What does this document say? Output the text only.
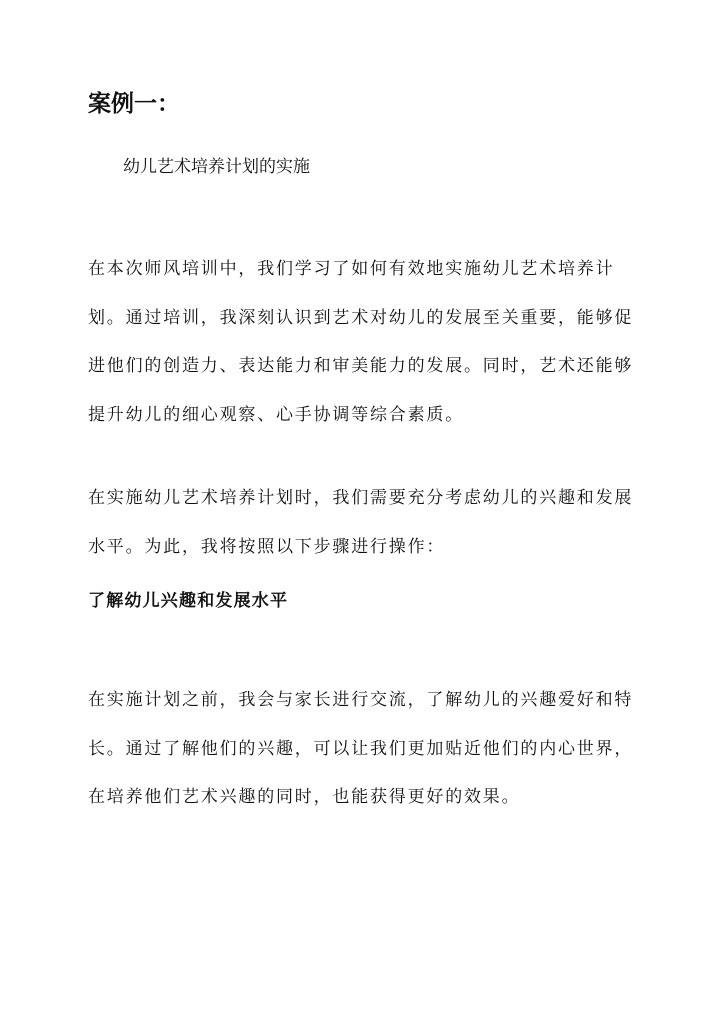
案例一：
幼儿艺术培养计划的实施

在本次师风培训中，我们学习了如何有效地实施幼儿艺术培养计划。通过培训，我深刻认识到艺术对幼儿的发展至关重要，能够促进他们的创造力、表达能力和审美能力的发展。同时，艺术还能够提升幼儿的细心观察、心手协调等综合素质。

在实施幼儿艺术培养计划时，我们需要充分考虑幼儿的兴趣和发展水平。为此，我将按照以下步骤进行操作：

了解幼儿兴趣和发展水平

在实施计划之前，我会与家长进行交流，了解幼儿的兴趣爱好和特长。通过了解他们的兴趣，可以让我们更加贴近他们的内心世界，在培养他们艺术兴趣的同时，也能获得更好的效果。
